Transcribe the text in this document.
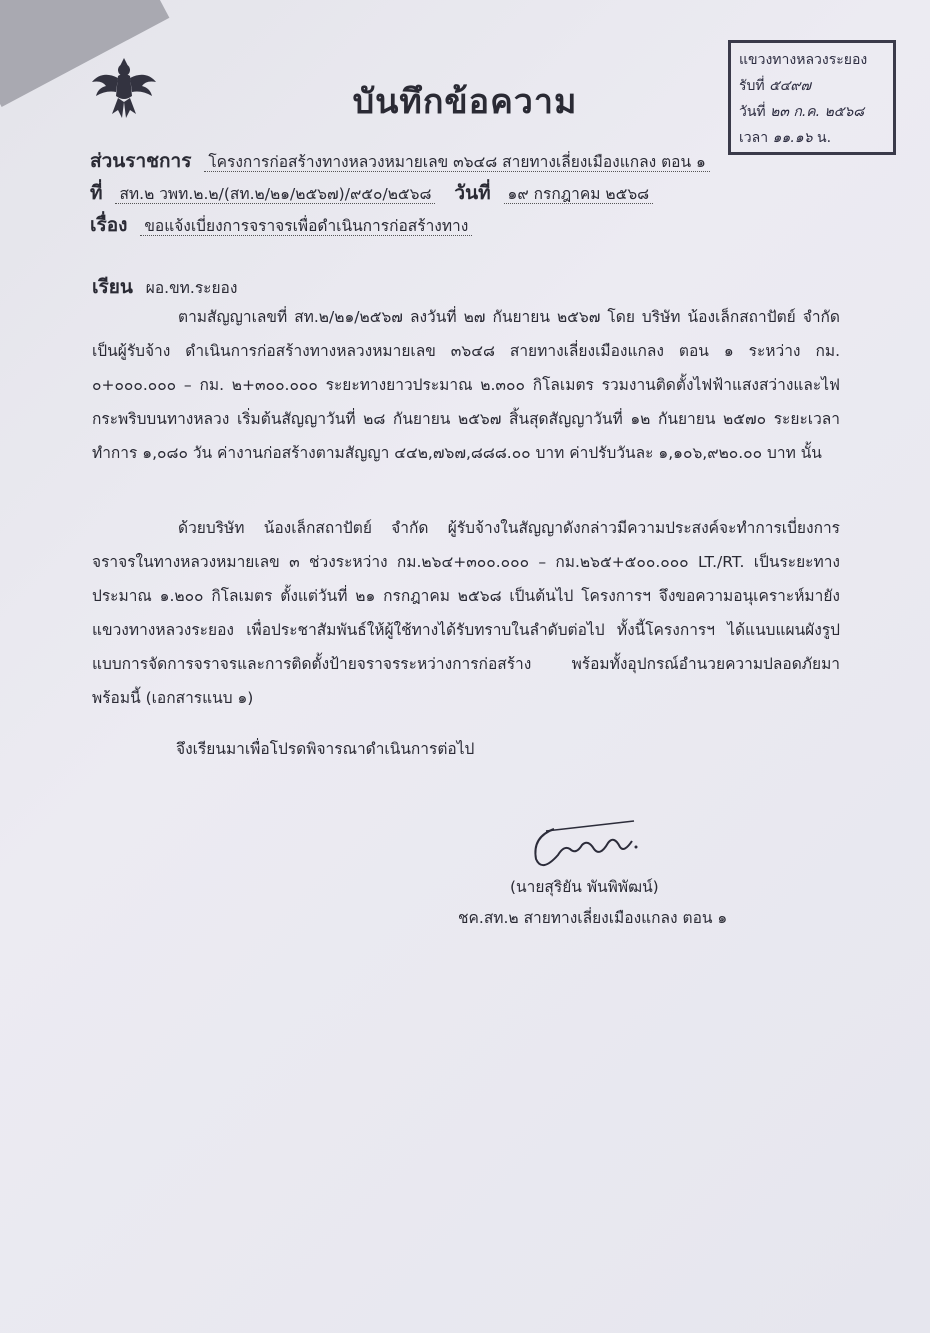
บันทึกข้อความ
แขวงทางหลวงระยอง
รับที่ ๕๔๙๗
วันที่ ๒๓ ก.ค. ๒๕๖๘
เวลา ๑๑.๑๖ น.
ส่วนราชการ โครงการก่อสร้างทางหลวงหมายเลข ๓๖๔๘ สายทางเลี่ยงเมืองแกลง ตอน ๑
ที่ สท.๒ วพท.๒.๒/(สท.๒/๒๑/๒๕๖๗)/๙๕๐/๒๕๖๘ วันที่ ๑๙ กรกฎาคม ๒๕๖๘
เรื่อง ขอแจ้งเบี่ยงการจราจรเพื่อดำเนินการก่อสร้างทาง
เรียน ผอ.ขท.ระยอง

ตามสัญญาเลขที่ สท.๒/๒๑/๒๕๖๗ ลงวันที่ ๒๗ กันยายน ๒๕๖๗ โดย บริษัท น้องเล็กสถาปัตย์ จำกัด เป็นผู้รับจ้าง ดำเนินการก่อสร้างทางหลวงหมายเลข ๓๖๔๘ สายทางเลี่ยงเมืองแกลง ตอน ๑ ระหว่าง กม. ๐+๐๐๐.๐๐๐ – กม. ๒+๓๐๐.๐๐๐ ระยะทางยาวประมาณ ๒.๓๐๐ กิโลเมตร รวมงานติดตั้งไฟฟ้าแสงสว่างและไฟกระพริบบนทางหลวง เริ่มต้นสัญญาวันที่ ๒๘ กันยายน ๒๕๖๗ สิ้นสุดสัญญาวันที่ ๑๒ กันยายน ๒๕๗๐ ระยะเวลาทำการ ๑,๐๘๐ วัน ค่างานก่อสร้างตามสัญญา ๔๔๒,๗๖๗,๘๘๘.๐๐ บาท ค่าปรับวันละ ๑,๑๐๖,๙๒๐.๐๐ บาท นั้น

ด้วยบริษัท น้องเล็กสถาปัตย์ จำกัด ผู้รับจ้างในสัญญาดังกล่าวมีความประสงค์จะทำการเบี่ยงการจราจรในทางหลวงหมายเลข ๓ ช่วงระหว่าง กม.๒๖๔+๓๐๐.๐๐๐ – กม.๒๖๕+๕๐๐.๐๐๐ LT./RT. เป็นระยะทางประมาณ ๑.๒๐๐ กิโลเมตร ตั้งแต่วันที่ ๒๑ กรกฎาคม ๒๕๖๘ เป็นต้นไป โครงการฯ จึงขอความอนุเคราะห์มายังแขวงทางหลวงระยอง เพื่อประชาสัมพันธ์ให้ผู้ใช้ทางได้รับทราบในลำดับต่อไป ทั้งนี้โครงการฯ ได้แนบแผนผังรูปแบบการจัดการจราจรและการติดตั้งป้ายจราจรระหว่างการก่อสร้าง พร้อมทั้งอุปกรณ์อำนวยความปลอดภัยมาพร้อมนี้ (เอกสารแนบ ๑)

จึงเรียนมาเพื่อโปรดพิจารณาดำเนินการต่อไป

(นายสุริยัน พันพิพัฒน์)
ชค.สท.๒ สายทางเลี่ยงเมืองแกลง ตอน ๑
